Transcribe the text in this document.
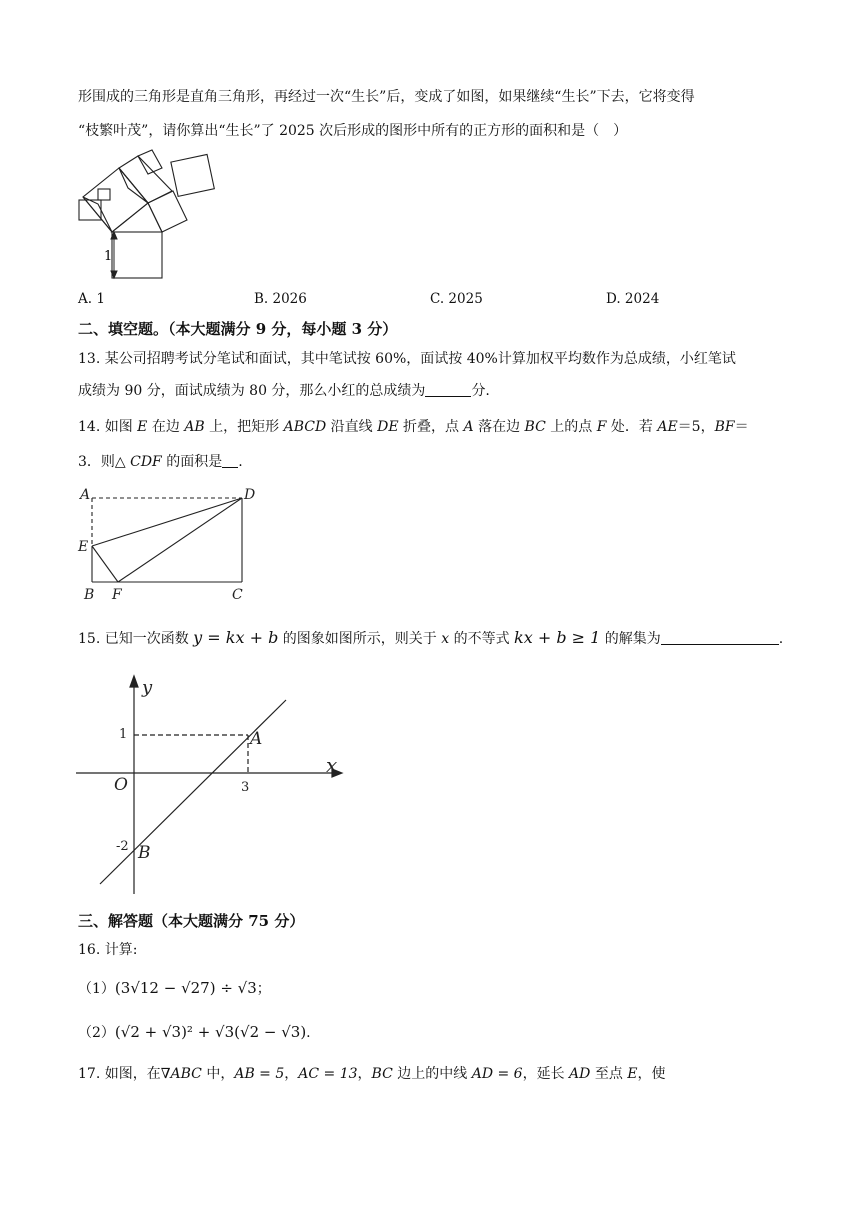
形围成的三角形是直角三角形，再经过一次“生长”后，变成了如图，如果继续“生长”下去，它将变得
“枝繁叶茂”，请你算出“生长”了 2025 次后形成的图形中所有的正方形的面积和是（　）
1
A. 1	B. 2026	C. 2025	D. 2024
二、填空题。（本大题满分 9 分，每小题 3 分）
13. 某公司招聘考试分笔试和面试，其中笔试按 60%，面试按 40%计算加权平均数作为总成绩，小红笔试
成绩为 90 分，面试成绩为 80 分，那么小红的总成绩为	分.
14. 如图 E 在边 AB 上，把矩形 ABCD 沿直线 DE 折叠，点 A 落在边 BC 上的点 F 处．若 AE＝5，BF＝
3．则△ CDF 的面积是 .
A	D
E
B F	C
15. 已知一次函数 y = kx + b 的图象如图所示，则关于 x 的不等式 kx + b ≥ 1 的解集为	.
y
x
O
1
3
-2
A
B
三、解答题（本大题满分 75 分）
16. 计算:
（1）(3√12 − √27) ÷ √3；
（2）(√2 + √3)² + √3(√2 − √3).
17. 如图，在∇ABC 中，AB = 5，AC = 13，BC 边上的中线 AD = 6，延长 AD 至点 E，使
